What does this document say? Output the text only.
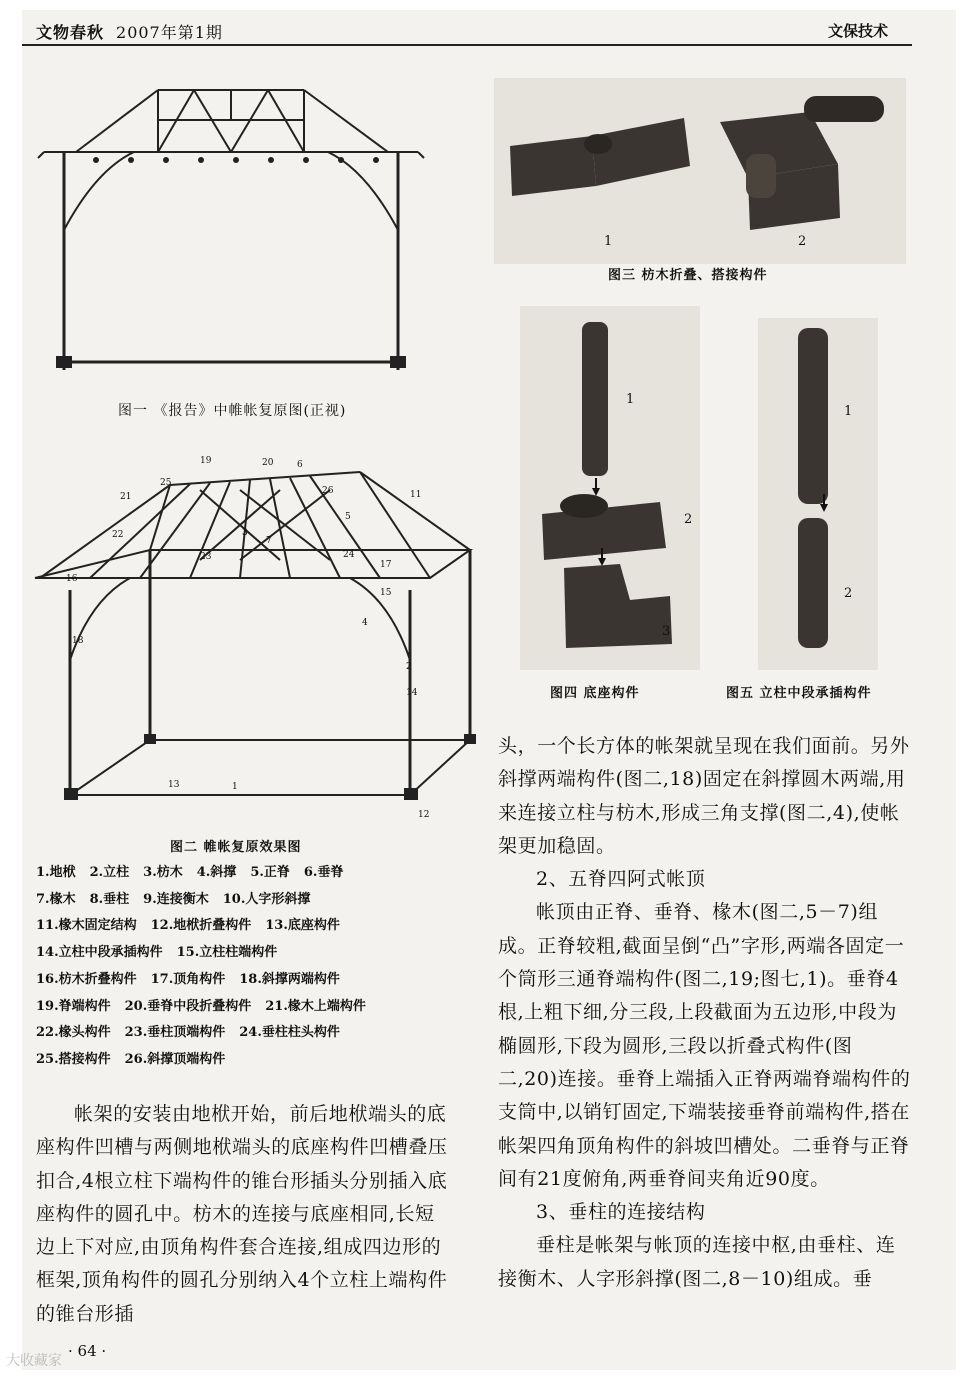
文物春秋 2007年第1期	文保技术
图一 《报告》中帷帐复原图(正视)
图二 帷帐复原效果图
19	20	6
25
26	11
21
5
3
22
7
23
17
4
24
2
16
14
13	1
12
15
18
1	2
图三 枋木折叠、搭接构件
1
2
3
图四 底座构件
1
2
图五 立柱中段承插构件
1.地栿 2.立柱 3.枋木 4.斜撑 5.正脊 6.垂脊
7.椽木 8.垂柱 9.连接衡木 10.人字形斜撑
11.椽木固定结构 12.地栿折叠构件 13.底座构件
14.立柱中段承插构件 15.立柱柱端构件
16.枋木折叠构件 17.顶角构件 18.斜撑两端构件
19.脊端构件 20.垂脊中段折叠构件 21.椽木上端构件
22.椽头构件 23.垂柱顶端构件 24.垂柱柱头构件
25.搭接构件 26.斜撑顶端构件

帐架的安装由地栿开始，前后地栿端头的底座构件凹槽与两侧地栿端头的底座构件凹槽叠压扣合,4根立柱下端构件的锥台形插头分别插入底座构件的圆孔中。枋木的连接与底座相同,长短边上下对应,由顶角构件套合连接,组成四边形的框架,顶角构件的圆孔分别纳入4个立柱上端构件的锥台形插

头，一个长方体的帐架就呈现在我们面前。另外斜撑两端构件(图二,18)固定在斜撑圆木两端,用来连接立柱与枋木,形成三角支撑(图二,4),使帐架更加稳固。

2、五脊四阿式帐顶

帐顶由正脊、垂脊、椽木(图二,5－7)组成。正脊较粗,截面呈倒“凸”字形,两端各固定一个筒形三通脊端构件(图二,19;图七,1)。垂脊4根,上粗下细,分三段,上段截面为五边形,中段为椭圆形,下段为圆形,三段以折叠式构件(图二,20)连接。垂脊上端插入正脊两端脊端构件的支筒中,以销钉固定,下端装接垂脊前端构件,搭在帐架四角顶角构件的斜坡凹槽处。二垂脊与正脊间有21度俯角,两垂脊间夹角近90度。

3、垂柱的连接结构

垂柱是帐架与帐顶的连接中枢,由垂柱、连接衡木、人字形斜撑(图二,8－10)组成。垂

· 64 ·
大收藏家
